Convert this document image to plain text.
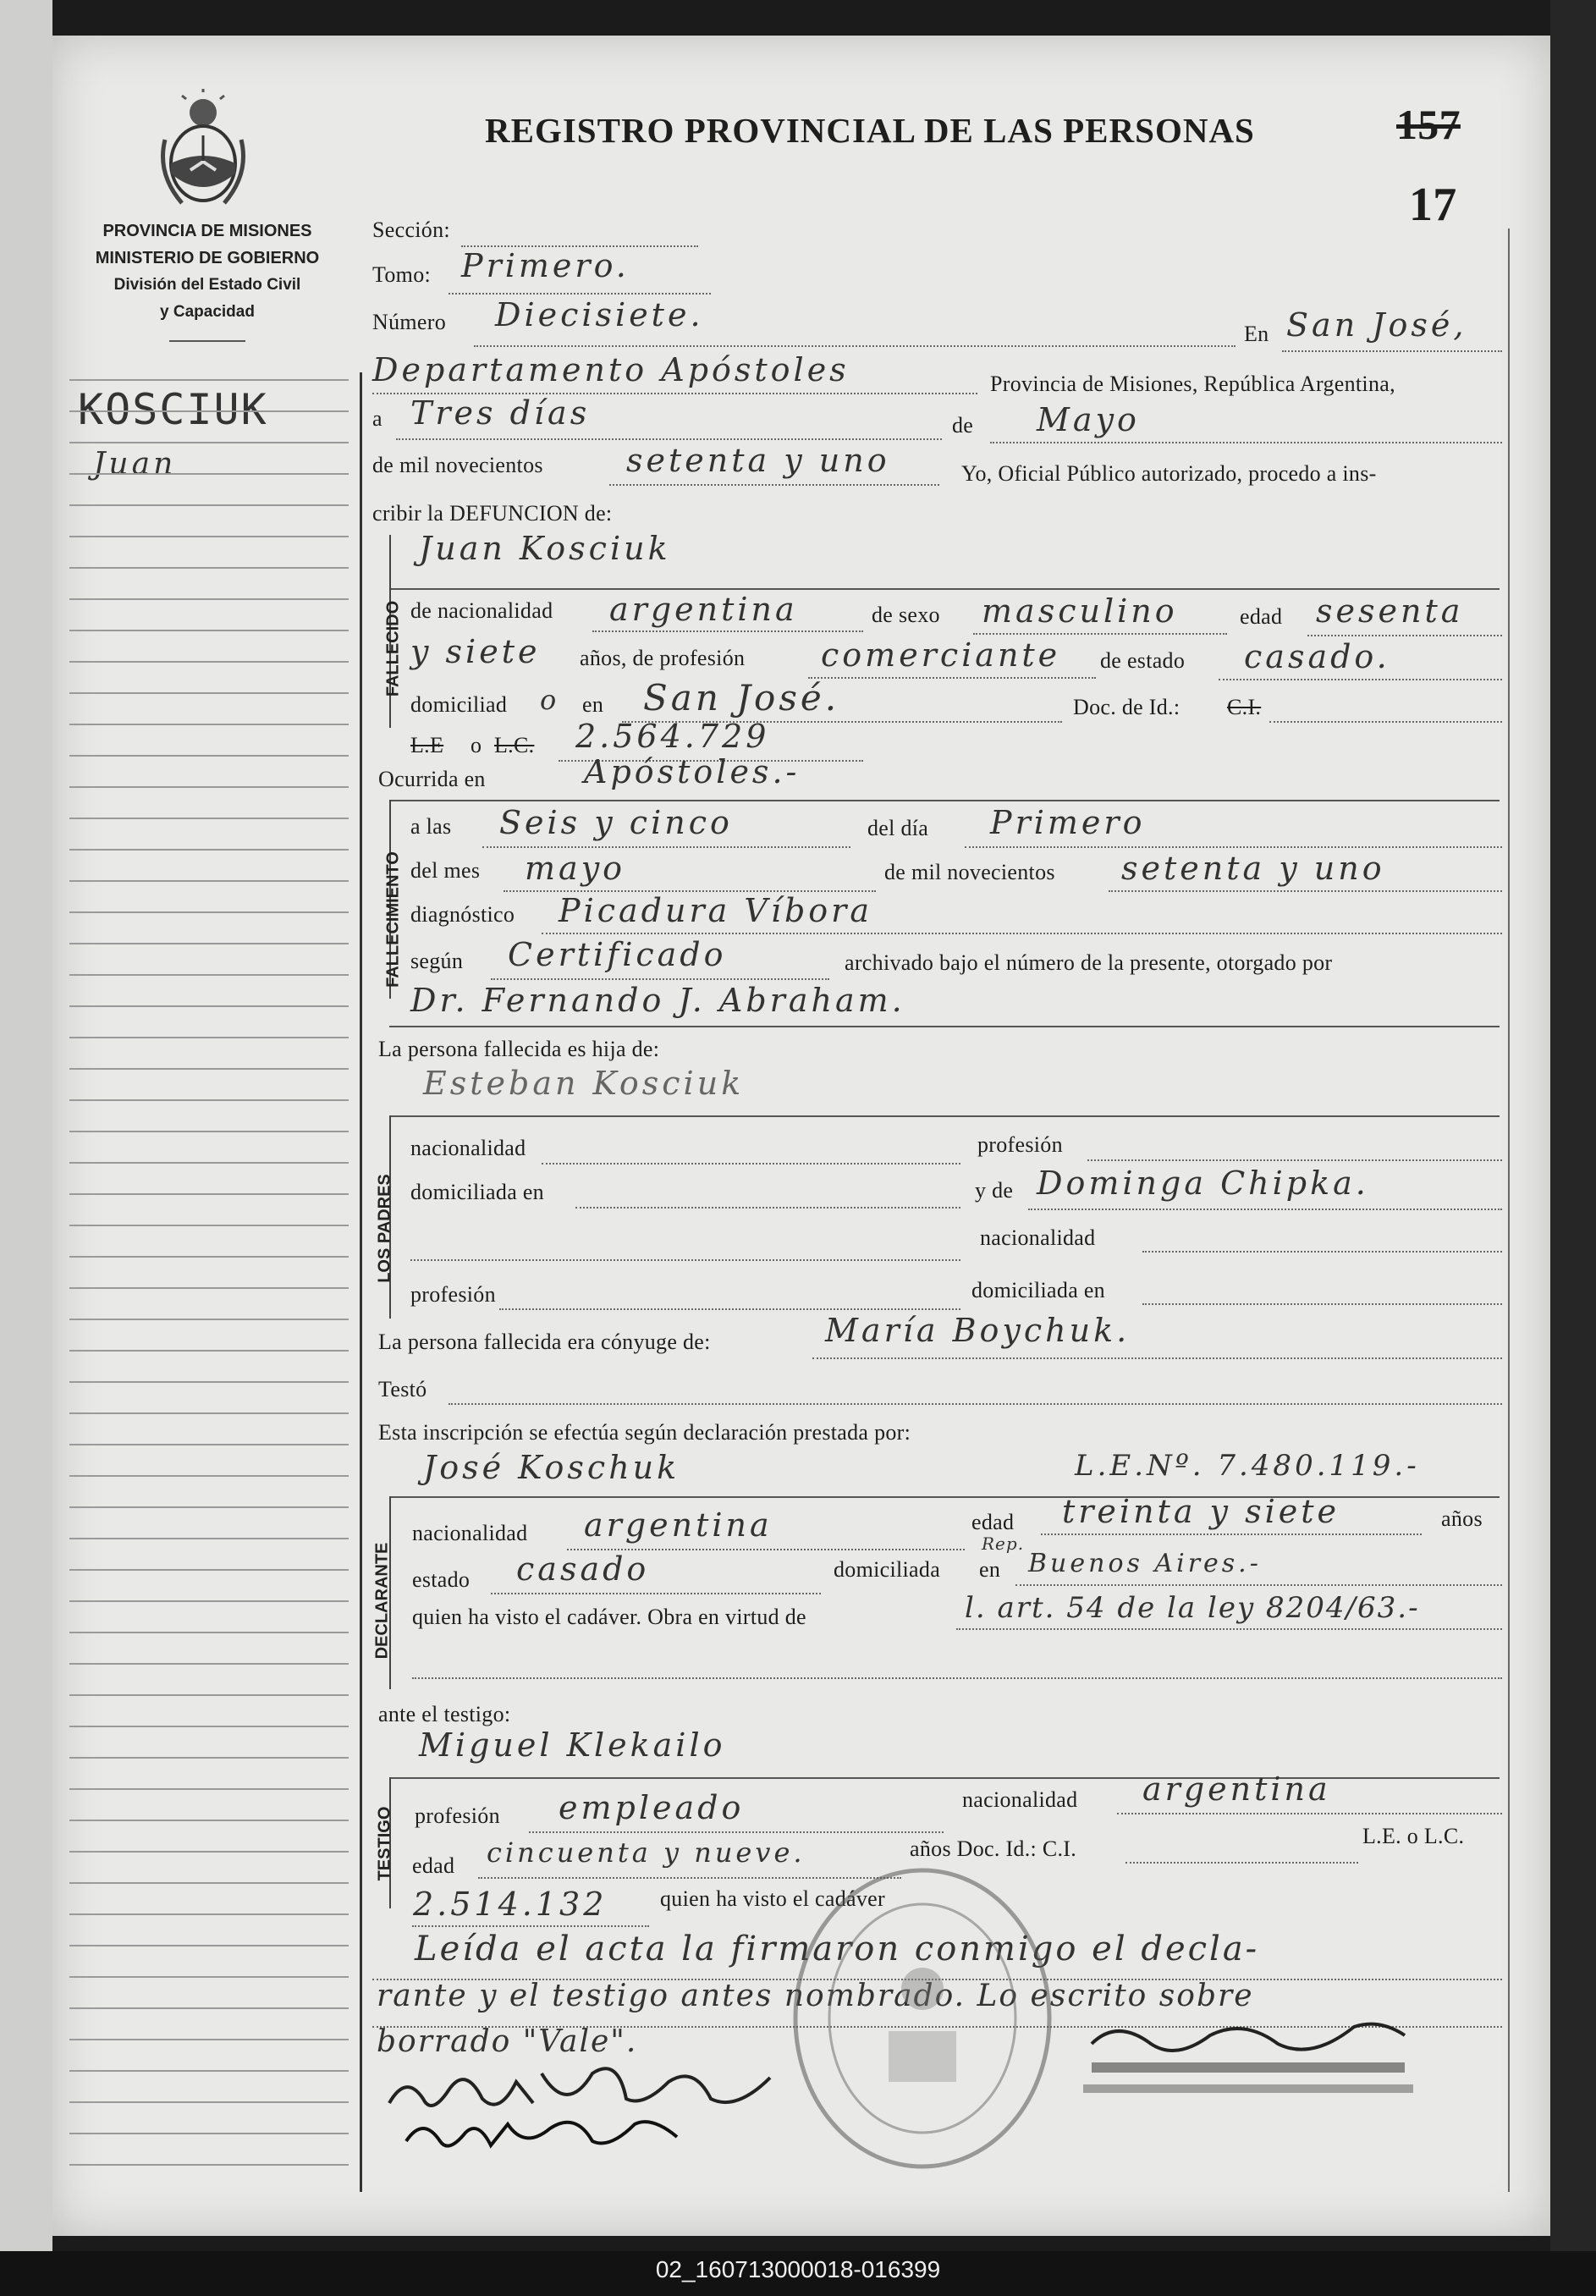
PROVINCIA DE MISIONES
MINISTERIO DE GOBIERNO
División del Estado Civil
y Capacidad
KOSCIUK
Juan
REGISTRO PROVINCIAL DE LAS PERSONAS	157
17
Sección:
Tomo: Primero.
Número Diecisiete.
En San José,
Departamento Apóstoles	Provincia de Misiones, República Argentina,
a Tres días	de Mayo
de mil novecientos	setenta y uno	Yo, Oficial Público autorizado, procedo a ins-
cribir la DEFUNCION de:
FALLECIDO
Juan Kosciuk
de nacionalidad argentina	de sexo masculino	edad sesenta
y siete años, de profesión comerciante de estado casado.
domiciliad o en San José.	Doc. de Id.: C.I.
L.E o L.C. 2.564.729
Ocurrida en	Apóstoles.-
FALLECIMIENTO
a las Seis y cinco	del día Primero
del mes mayo	de mil novecientos setenta y uno
diagnóstico Picadura Víbora
según Certificado	archivado bajo el número de la presente, otorgado por
Dr. Fernando J. Abraham.
La persona fallecida es hija de:
Esteban Kosciuk
LOS PADRES
nacionalidad	profesión
domiciliada en	y de Dominga Chipka.
nacionalidad
profesión	domiciliada en
La persona fallecida era cónyuge de:	María Boychuk.
Testó
Esta inscripción se efectúa según declaración prestada por:
José Koschuk	L.E.Nº. 7.480.119.-
DECLARANTE
nacionalidad argentina	edad treinta y siete	años
estado casado	domiciliada en
Rep.
Buenos Aires.-
quien ha visto el cadáver. Obra en virtud de	l. art. 54 de la ley 8204/63.-
ante el testigo:
Miguel Klekailo
TESTIGO profesión empleado	nacionalidad argentina
edad cincuenta y nueve.	años Doc. Id.: C.I.
L.E. o L.C.
2.514.132 quien ha visto el cadáver
Leída el acta la firmaron conmigo el decla-
rante y el testigo antes nombrado. Lo escrito sobre
borrado "Vale".
02_160713000018-016399
